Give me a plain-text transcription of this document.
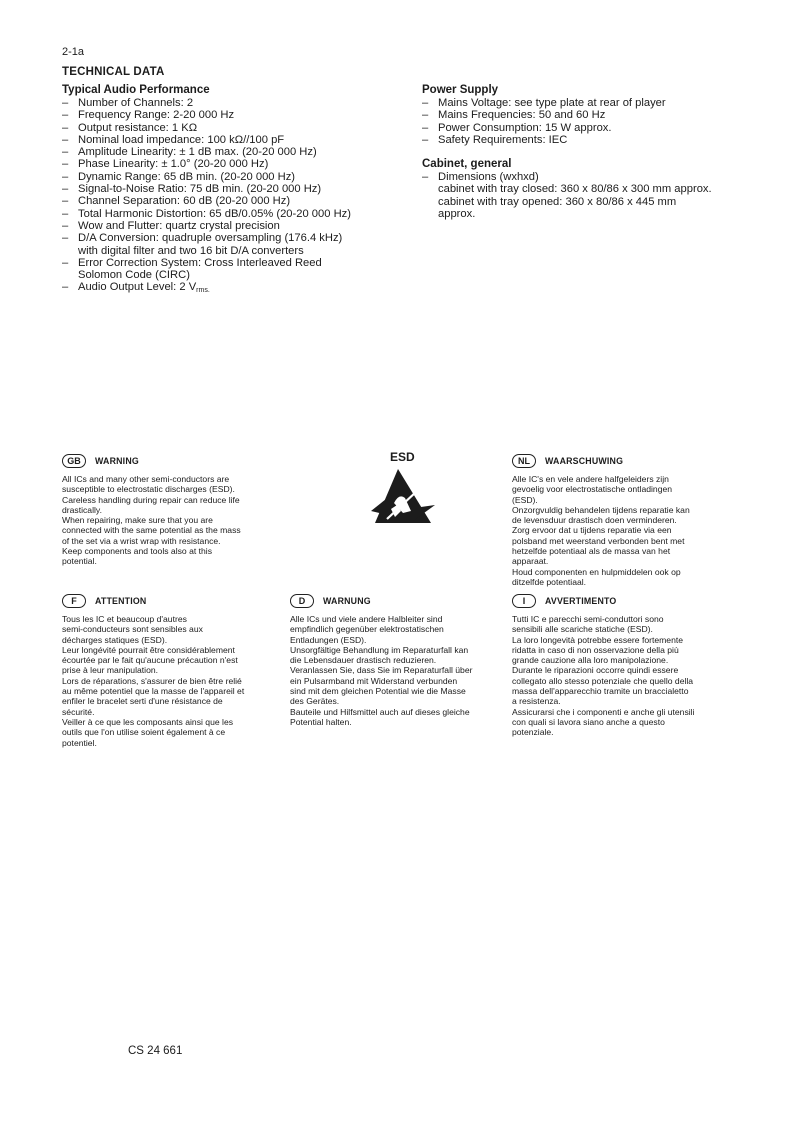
2-1a
TECHNICAL DATA
Typical Audio Performance
– Number of Channels: 2
– Frequency Range: 2-20 000 Hz
– Output resistance: 1 KΩ
– Nominal load impedance: 100 kΩ//100 pF
– Amplitude Linearity: ± 1 dB max. (20-20 000 Hz)
– Phase Linearity: ± 1.0° (20-20 000 Hz)
– Dynamic Range: 65 dB min. (20-20 000 Hz)
– Signal-to-Noise Ratio: 75 dB min. (20-20 000 Hz)
– Channel Separation: 60 dB (20-20 000 Hz)
– Total Harmonic Distortion: 65 dB/0.05% (20-20 000 Hz)
– Wow and Flutter: quartz crystal precision
– D/A Conversion: quadruple oversampling (176.4 kHz)
with digital filter and two 16 bit D/A converters
– Error Correction System: Cross Interleaved Reed
Solomon Code (CIRC)
– Audio Output Level: 2 $V_{rms.}$
Power Supply
– Mains Voltage: see type plate at rear of player
– Mains Frequencies: 50 and 60 Hz
– Power Consumption: 15 W approx.
– Safety Requirements: IEC
Cabinet, general
– Dimensions (wxhxd)
cabinet with tray closed: 360 x 80/86 x 300 mm approx.
cabinet with tray opened: 360 x 80/86 x 445 mm
approx.
ESD
GB	WARNING
All ICs and many other semi-conductors are
susceptible to electrostatic discharges (ESD).
Careless handling during repair can reduce life
drastically.
When repairing, make sure that you are
connected with the same potential as the mass
of the set via a wrist wrap with resistance.
Keep components and tools also at this
potential.
NL	WAARSCHUWING
Alle IC's en vele andere halfgeleiders zijn
gevoelig voor electrostatische ontladingen
(ESD).
Onzorgvuldig behandelen tijdens reparatie kan
de levensduur drastisch doen verminderen.
Zorg ervoor dat u tijdens reparatie via een
polsband met weerstand verbonden bent met
hetzelfde potentiaal als de massa van het
apparaat.
Houd componenten en hulpmiddelen ook op
ditzelfde potentiaal.
F	ATTENTION
Tous les IC et beaucoup d'autres
semi-conducteurs sont sensibles aux
décharges statiques (ESD).
Leur longévité pourrait être considérablement
écourtée par le fait qu'aucune précaution n'est
prise à leur manipulation.
Lors de réparations, s'assurer de bien être relié
au même potentiel que la masse de l'appareil et
enfiler le bracelet serti d'une résistance de
sécurité.
Veiller à ce que les composants ainsi que les
outils que l'on utilise soient également à ce
potentiel.
D	WARNUNG
Alle ICs und viele andere Halbleiter sind
empfindlich gegenüber elektrostatischen
Entladungen (ESD).
Unsorgfältige Behandlung im Reparaturfall kan
die Lebensdauer drastisch reduzieren.
Veranlassen Sie, dass Sie im Reparaturfall über
ein Pulsarmband mit Widerstand verbunden
sind mit dem gleichen Potential wie die Masse
des Gerätes.
Bauteile und Hilfsmittel auch auf dieses gleiche
Potential halten.
I	AVVERTIMENTO
Tutti IC e parecchi semi-conduttori sono
sensibili alle scariche statiche (ESD).
La loro longevità potrebbe essere fortemente
ridatta in caso di non osservazione della più
grande cauzione alla loro manipolazione.
Durante le riparazioni occorre quindi essere
collegato allo stesso potenziale che quello della
massa dell'apparecchio tramite un braccialetto
a resistenza.
Assicurarsi che i componenti e anche gli utensili
con quali si lavora siano anche a questo
potenziale.
CS 24 661
